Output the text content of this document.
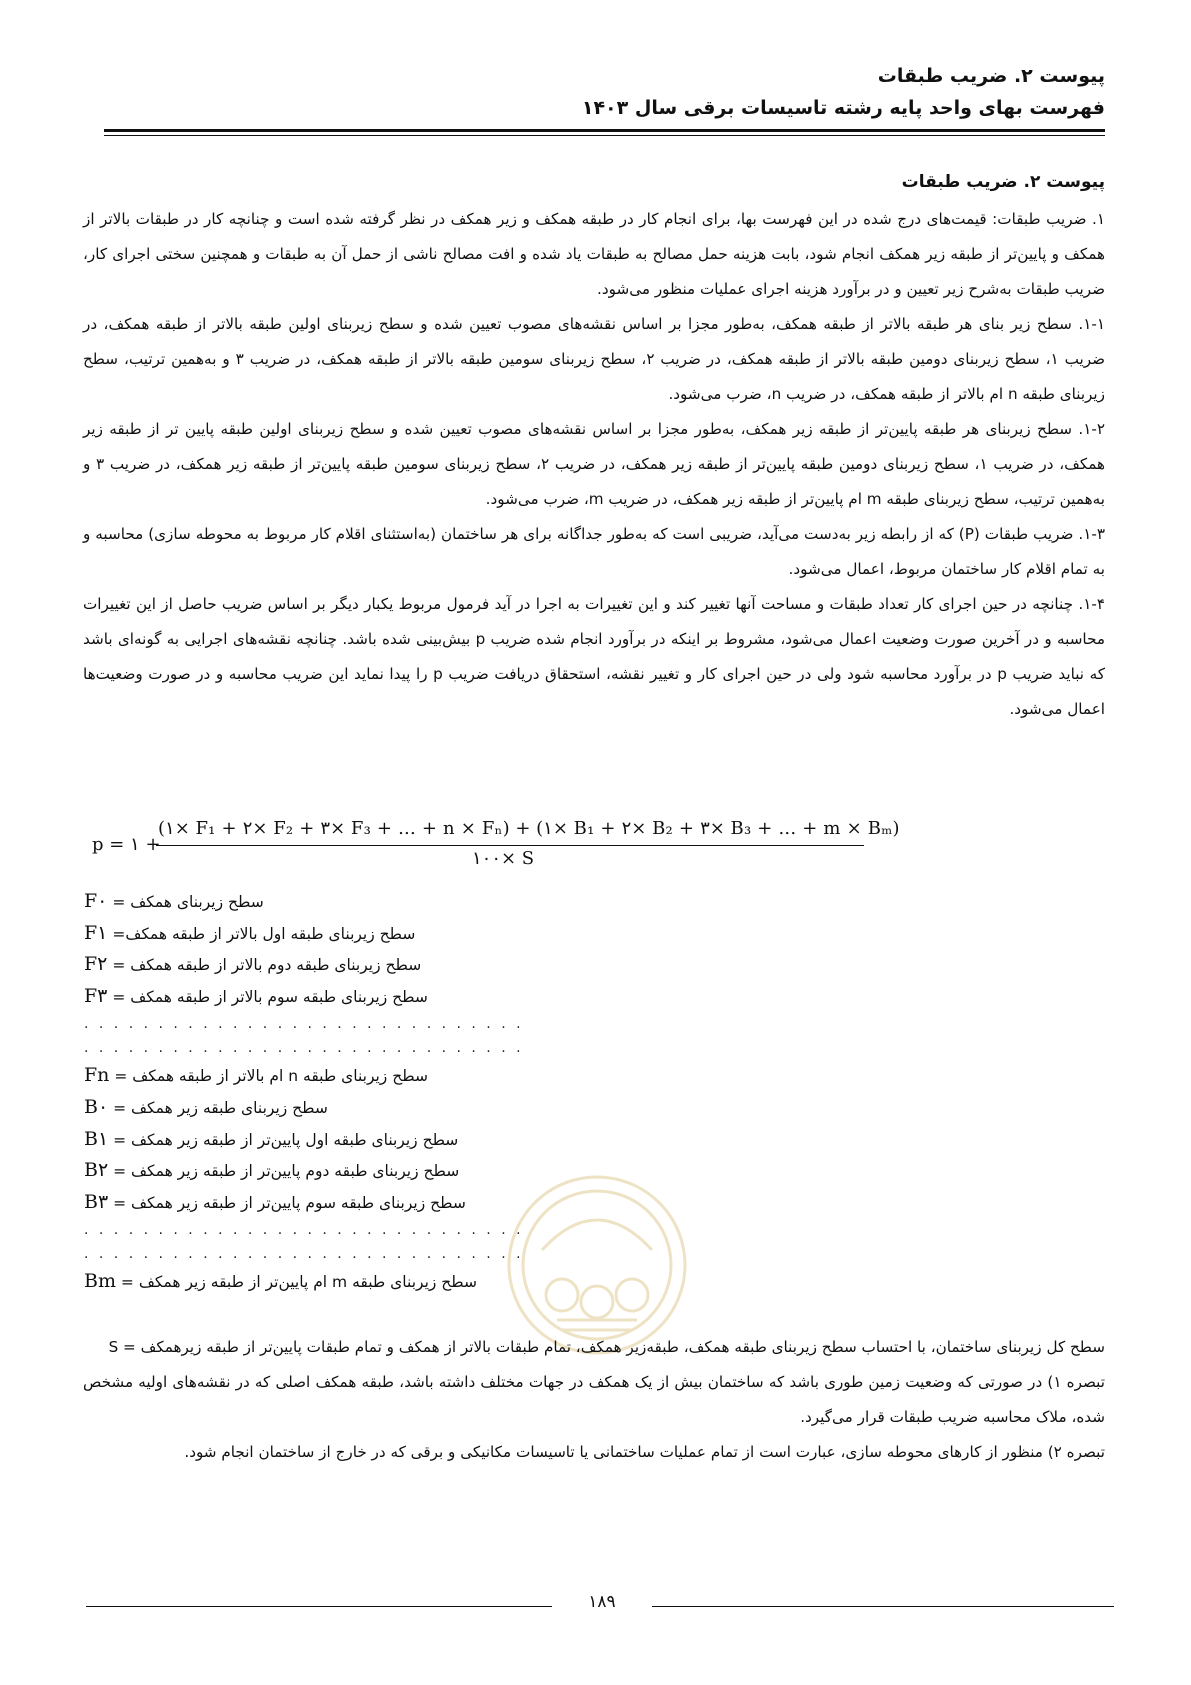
پیوست ۲. ضریب طبقات
فهرست بهای واحد پایه رشته تاسیسات برقی سال ۱۴۰۳
پیوست ۲. ضریب طبقات

۱. ضریب طبقات: قیمت‌های درج شده در این فهرست بها، برای انجام کار در طبقه همکف و زیر همکف در نظر گرفته شده است و چنانچه کار در طبقات بالاتر از همکف و پایین‌تر از طبقه زیر همکف انجام شود، بابت هزینه حمل مصالح به طبقات یاد شده و افت مصالح ناشی از حمل آن به طبقات و همچنین سختی اجرای کار، ضریب طبقات به‌شرح زیر تعیین و در برآورد هزینه اجرای عملیات منظور می‌شود.

۱-۱. سطح زیر بنای هر طبقه بالاتر از طبقه همکف، به‌طور مجزا بر اساس نقشه‌های مصوب تعیین شده و سطح زیربنای اولین طبقه بالاتر از طبقه همکف، در ضریب ۱، سطح زیربنای دومین طبقه بالاتر از طبقه همکف، در ضریب ۲، سطح زیربنای سومین طبقه بالاتر از طبقه همکف، در ضریب ۳ و به‌همین ترتیب، سطح زیربنای طبقه n ام بالاتر از طبقه همکف، در ضریب n، ضرب می‌شود.

۱-۲. سطح زیربنای هر طبقه پایین‌تر از طبقه زیر همکف، به‌طور مجزا بر اساس نقشه‌های مصوب تعیین شده و سطح زیربنای اولین طبقه پایین تر از طبقه زیر همکف، در ضریب ۱، سطح زیربنای دومین طبقه پایین‌تر از طبقه زیر همکف، در ضریب ۲، سطح زیربنای سومین طبقه پایین‌تر از طبقه زیر همکف، در ضریب ۳ و به‌همین ترتیب، سطح زیربنای طبقه m ام پایین‌تر از طبقه زیر همکف، در ضریب m، ضرب می‌شود.

۱-۳. ضریب طبقات (P) که از رابطه زیر به‌دست می‌آید، ضریبی است که به‌طور جداگانه برای هر ساختمان (به‌استثنای اقلام کار مربوط به محوطه سازی) محاسبه و به تمام اقلام کار ساختمان مربوط، اعمال می‌شود.

۱-۴. چنانچه در حین اجرای کار تعداد طبقات و مساحت آنها تغییر کند و این تغییرات به اجرا در آید فرمول مربوط یکبار دیگر بر اساس ضریب حاصل از این تغییرات محاسبه و در آخرین صورت وضعیت اعمال می‌شود، مشروط بر اینکه در برآورد انجام شده ضریب p بیش‌بینی شده باشد. چنانچه نقشه‌های اجرایی به گونه‌ای باشد که نباید ضریب p در برآورد محاسبه شود ولی در حین اجرای کار و تغییر نقشه، استحقاق دریافت ضریب p را پیدا نماید این ضریب محاسبه و در صورت وضعیت‌ها اعمال می‌شود.

p = ۱ +
(۱× F₁ + ۲× F₂ + ۳× F₃ + ... + n × Fₙ) + (۱× B₁ + ۲× B₂ + ۳× B₃ + ... + m × Bₘ)
۱۰۰× S
F۰ = سطح زیربنای همکف
F۱ =سطح زیربنای طبقه اول بالاتر از طبقه همکف
F۲ = سطح زیربنای طبقه دوم بالاتر از طبقه همکف
F۳ = سطح زیربنای طبقه سوم بالاتر از طبقه همکف
. . . . . . . . . . . . . . . . . . . . . . . . . . . . . .
. . . . . . . . . . . . . . . . . . . . . . . . . . . . . .
Fn = سطح زیربنای طبقه n ام بالاتر از طبقه همکف
B۰ = سطح زیربنای طبقه زیر همکف
B۱ = سطح زیربنای طبقه اول پایین‌تر از طبقه زیر همکف
B۲ = سطح زیربنای طبقه دوم پایین‌تر از طبقه زیر همکف
B۳ = سطح زیربنای طبقه سوم پایین‌تر از طبقه زیر همکف
. . . . . . . . . . . . . . . . . . . . . . . . . . . . . .
. . . . . . . . . . . . . . . . . . . . . . . . . . . . . .
Bm = سطح زیربنای طبقه m ام پایین‌تر از طبقه زیر همکف

سطح کل زیربنای ساختمان، با احتساب سطح زیربنای طبقه همکف، طبقه‌زیر همکف، تمام طبقات بالاتر از همکف و تمام طبقات پایین‌تر از طبقه زیرهمکف = S

تبصره ۱) در صورتی که وضعیت زمین طوری باشد که ساختمان بیش از یک همکف در جهات مختلف داشته باشد، طبقه همکف اصلی که در نقشه‌های اولیه مشخص شده، ملاک محاسبه ضریب طبقات قرار می‌گیرد.

تبصره ۲) منظور از کارهای محوطه سازی، عبارت است از تمام عملیات ساختمانی یا تاسیسات مکانیکی و برقی که در خارج از ساختمان انجام شود.

۱۸۹
